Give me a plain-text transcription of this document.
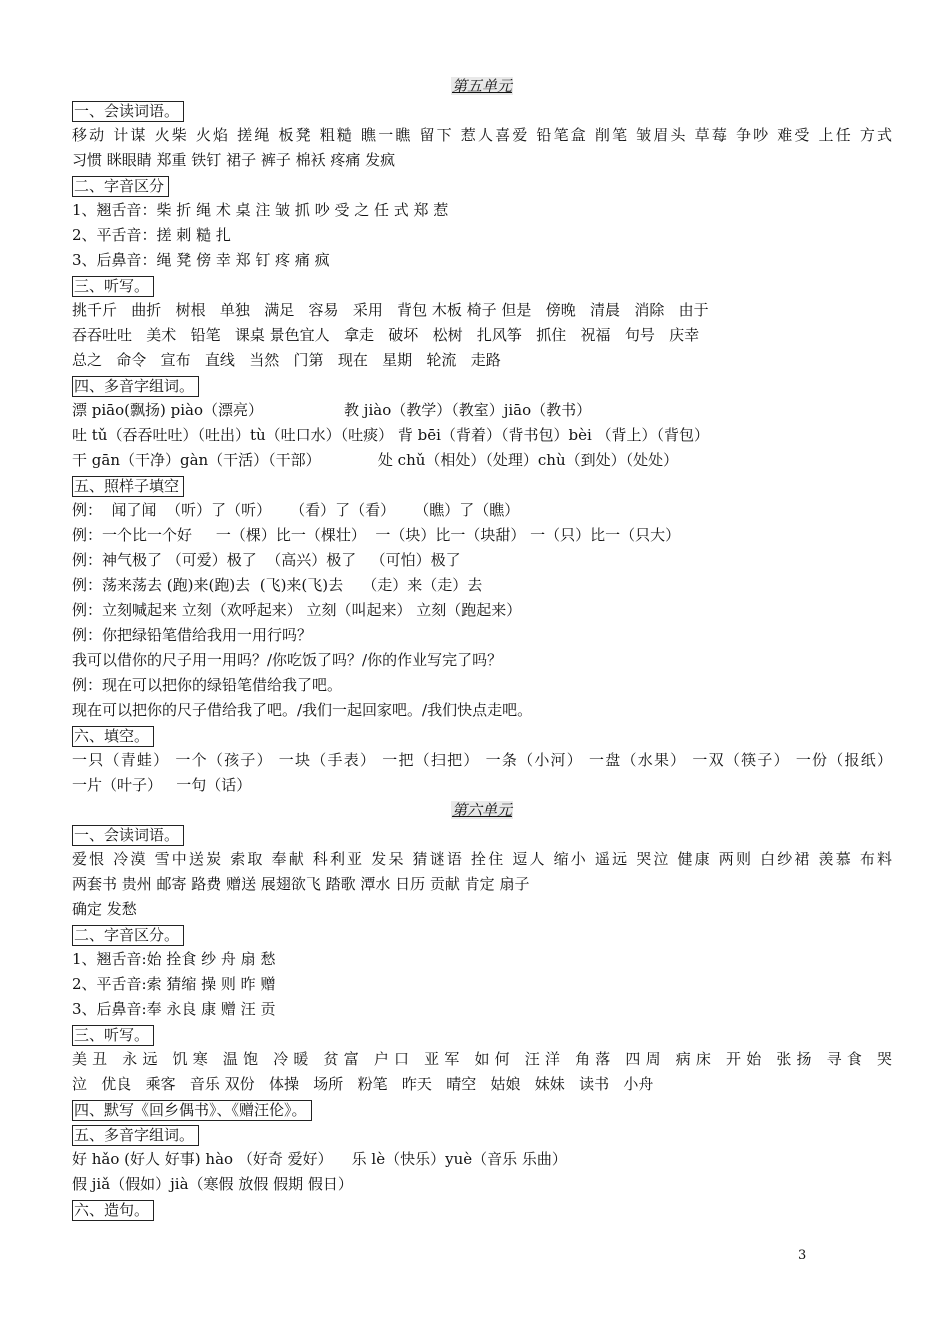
第五单元
一、会读词语。
移动 计谋 火柴 火焰 搓绳 板凳 粗糙 瞧一瞧 留下 惹人喜爱 铅笔盒 削笔 皱眉头 草莓 争吵 难受 上任 方式
习惯 眯眼睛 郑重 铁钉 裙子 裤子 棉袄 疼痛 发疯
二、字音区分
1、翘舌音：柴 折 绳 术 桌 注 皱 抓 吵 受 之 任 式 郑 惹
2、平舌音：搓 刺 糙 扎
3、后鼻音：绳 凳 傍 幸 郑 钉 疼 痛 疯
三、听写。
挑千斤   曲折   树根   单独   满足   容易   采用   背包 木板 椅子 但是   傍晚   清晨   消除   由于
吞吞吐吐   美术   铅笔   课桌 景色宜人   拿走   破坏   松树   扎风筝   抓住   祝福   句号   庆幸
总之   命令   宣布   直线   当然   门第   现在   星期   轮流   走路
四、多音字组词。
漂 piāo(飘扬) piào（漂亮）                 教 jiào（教学）（教室）jiāo（教书）
吐 tǔ（吞吞吐吐）（吐出）tù（吐口水）（吐痰） 背 bēi（背着）（背书包）bèi （背上）（背包）
干 gān（干净）gàn（干活）（干部）            处 chǔ（相处）（处理）chù（到处）（处处）
五、照样子填空
例：  闻了闻  （听）了（听）    （看）了（看）    （瞧）了（瞧）
例：一个比一个好     一（棵）比一（棵壮）  一（块）比一（块甜） 一（只）比一（只大）
例：神气极了 （可爱）极了  （高兴）极了   （可怕）极了
例：荡来荡去 (跑)来(跑)去  (飞)来(飞)去    （走）来（走）去
例：立刻喊起来 立刻（欢呼起来） 立刻（叫起来） 立刻（跑起来）
例：你把绿铅笔借给我用一用行吗？
我可以借你的尺子用一用吗？/你吃饭了吗？/你的作业写完了吗？
例：现在可以把你的绿铅笔借给我了吧。
现在可以把你的尺子借给我了吧。/我们一起回家吧。/我们快点走吧。
六、填空。
一只（青蛙） 一个（孩子） 一块（手表） 一把（扫把） 一条（小河） 一盘（水果） 一双（筷子） 一份（报纸）
一片（叶子）   一句（话）
第六单元
一、会读词语。
爱恨 冷漠 雪中送炭 索取 奉献 科利亚 发呆 猜谜语 拴住 逗人 缩小 遥远 哭泣 健康 两则 白纱裙 羡慕 布料
两套书 贵州 邮寄 路费 赠送 展翅欲飞 踏歌 潭水 日历 贡献 肯定 扇子
确定 发愁
二、字音区分。
1、翘舌音:始 拴食 纱 舟 扇 愁
2、平舌音:索 猜缩 操 则 昨 赠
3、后鼻音:奉 永良 康 赠 汪 贡
三、听写。
美丑 永远 饥寒 温饱 冷暖 贫富 户口 亚军 如何 汪洋 角落 四周 病床 开始 张扬 寻食 哭
泣   优良   乘客   音乐 双份   体操   场所   粉笔   昨天   晴空   姑娘   妹妹   读书   小舟
四、默写《回乡偶书》、《赠汪伦》。
五、多音字组词。
好 hǎo (好人 好事) hào （好奇 爱好）    乐 lè（快乐）yuè（音乐 乐曲）
假 jiǎ（假如）jià（寒假 放假 假期 假日）
六、造句。
3
